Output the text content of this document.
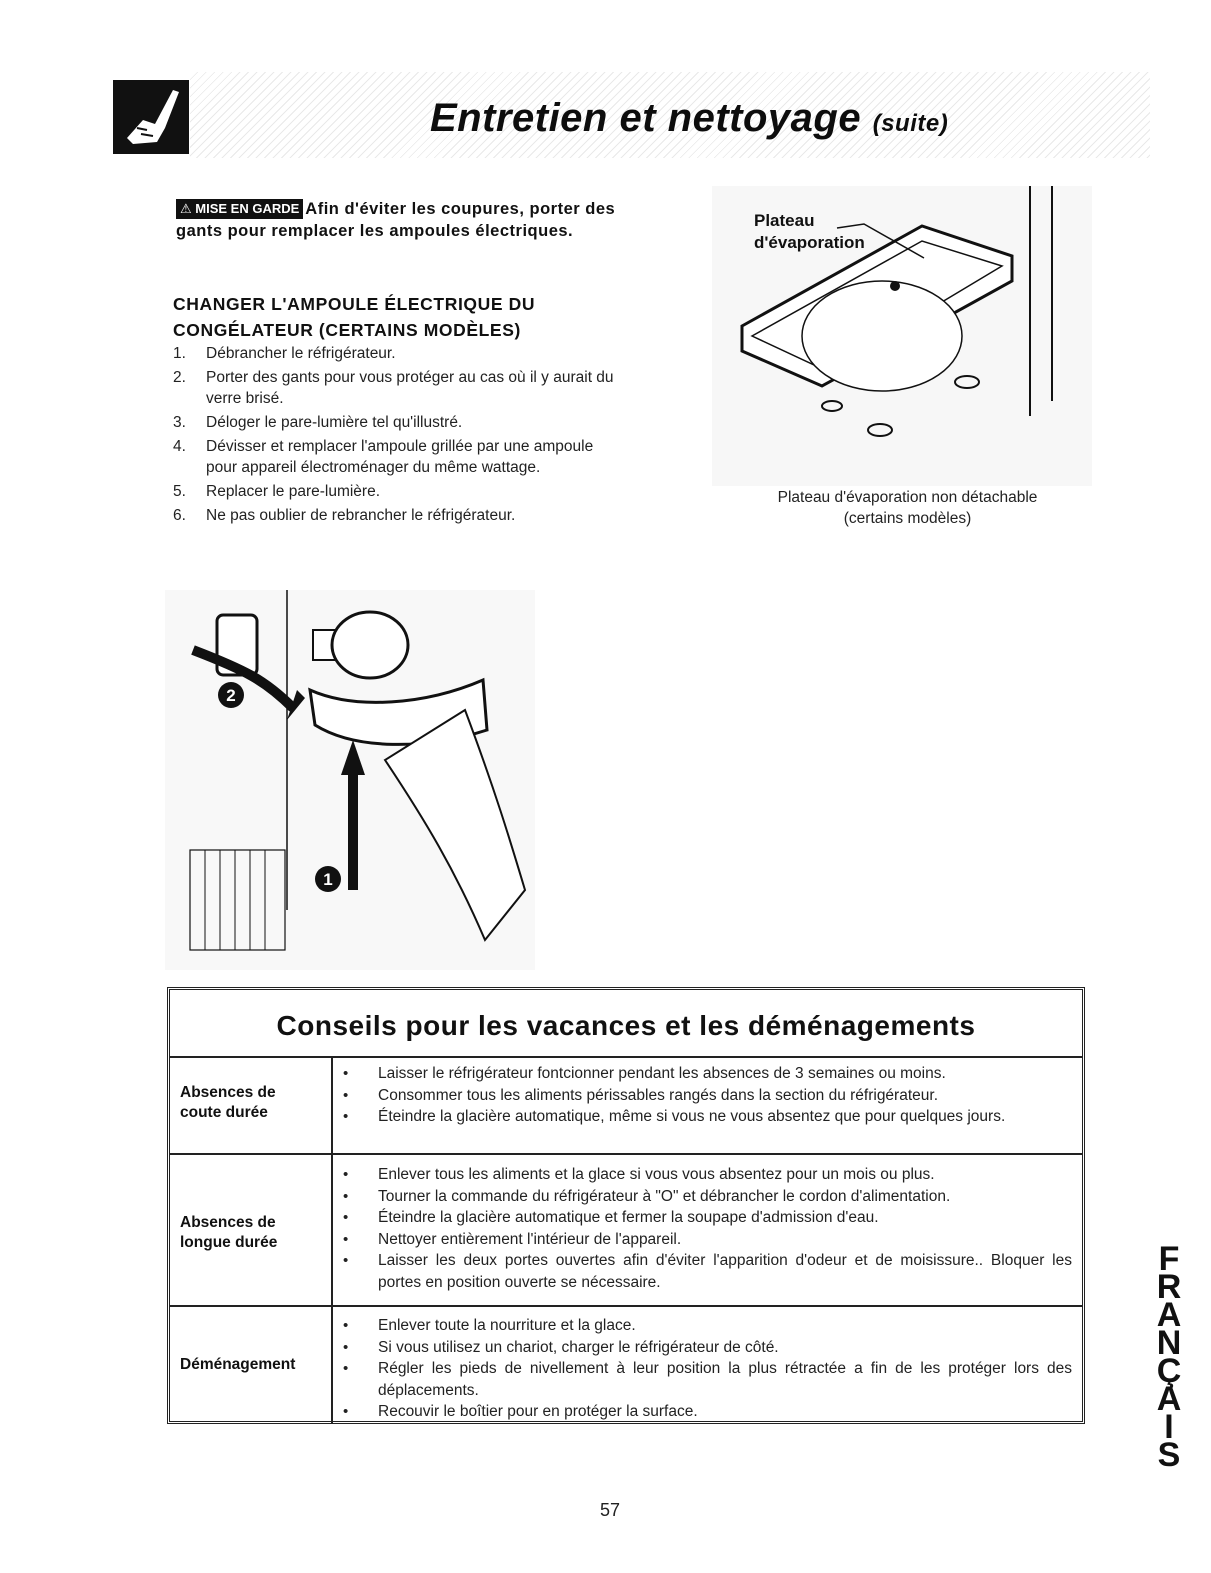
Entretien et nettoyage (suite)
⚠ MISE EN GARDE Afin d'éviter les coupures, porter des gants pour remplacer les ampoules électriques.
CHANGER L'AMPOULE ÉLECTRIQUE DU
CONGÉLATEUR (CERTAINS MODÈLES)
1.	Débrancher le réfrigérateur.
2.	Porter des gants pour vous protéger au cas où il y aurait du verre brisé.
3.	Déloger le pare-lumière tel qu'illustré.
4.	Dévisser et remplacer l'ampoule grillée par une ampoule pour appareil électroménager du même wattage.
5.	Replacer le pare-lumière.
6.	Ne pas oublier de rebrancher le réfrigérateur.
Plateau
d'évaporation
Plateau d'évaporation non détachable
(certains modèles)
2
1
Conseils pour les vacances et les déménagements
Absences de
coute durée
• Laisser le réfrigérateur fontcionner pendant les absences de 3 semaines ou moins.
• Consommer tous les aliments périssables rangés dans la section du réfrigérateur.
• Éteindre la glacière automatique, même si vous ne vous absentez que pour quelques jours.
Absences de
longue durée
• Enlever tous les aliments et la glace si vous vous absentez pour un mois ou plus.
• Tourner la commande du réfrigérateur à "O" et débrancher le cordon d'alimentation.
• Éteindre la glacière automatique et fermer la soupape d'admission d'eau.
• Nettoyer entièrement l'intérieur de l'appareil.
• Laisser les deux portes ouvertes afin d'éviter l'apparition d'odeur et de moisissure.. Bloquer les portes en position ouverte se nécessaire.
Déménagement
• Enlever toute la nourriture et la glace.
• Si vous utilisez un chariot, charger le réfrigérateur de côté.
• Régler les pieds de nivellement à leur position la plus rétractée a fin de les protéger lors des déplacements.
• Recouvir le boîtier pour en protéger la surface.
F
R
A
N
Ç
A
I
S
57
